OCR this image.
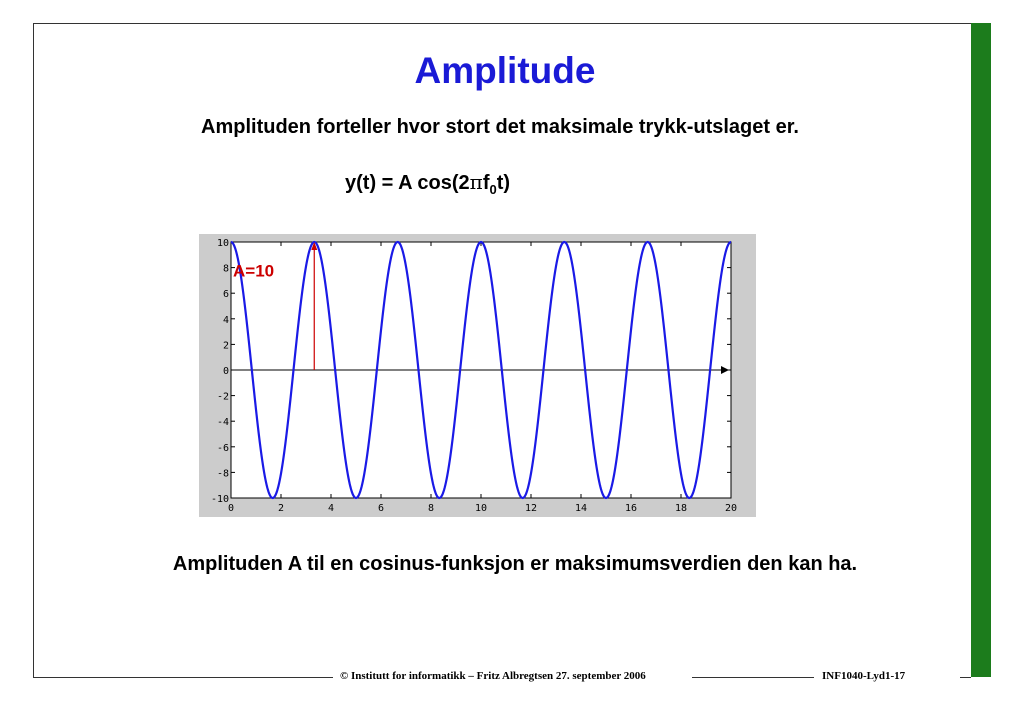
Amplitude
Amplituden forteller hvor stort det maksimale trykk-utslaget er.
y(t) = A $\cos(2\pi f_0t)$
0	2	4	6	8	10	12	14	16	18	20
10
8
6
4
2
0
-2
-4
-6
-8
-10
A=10
Amplituden A til en cosinus-funksjon er maksimumsverdien den kan ha.
© Institutt for informatikk – Fritz Albregtsen 27. september 2006	INF1040-Lyd1-17
